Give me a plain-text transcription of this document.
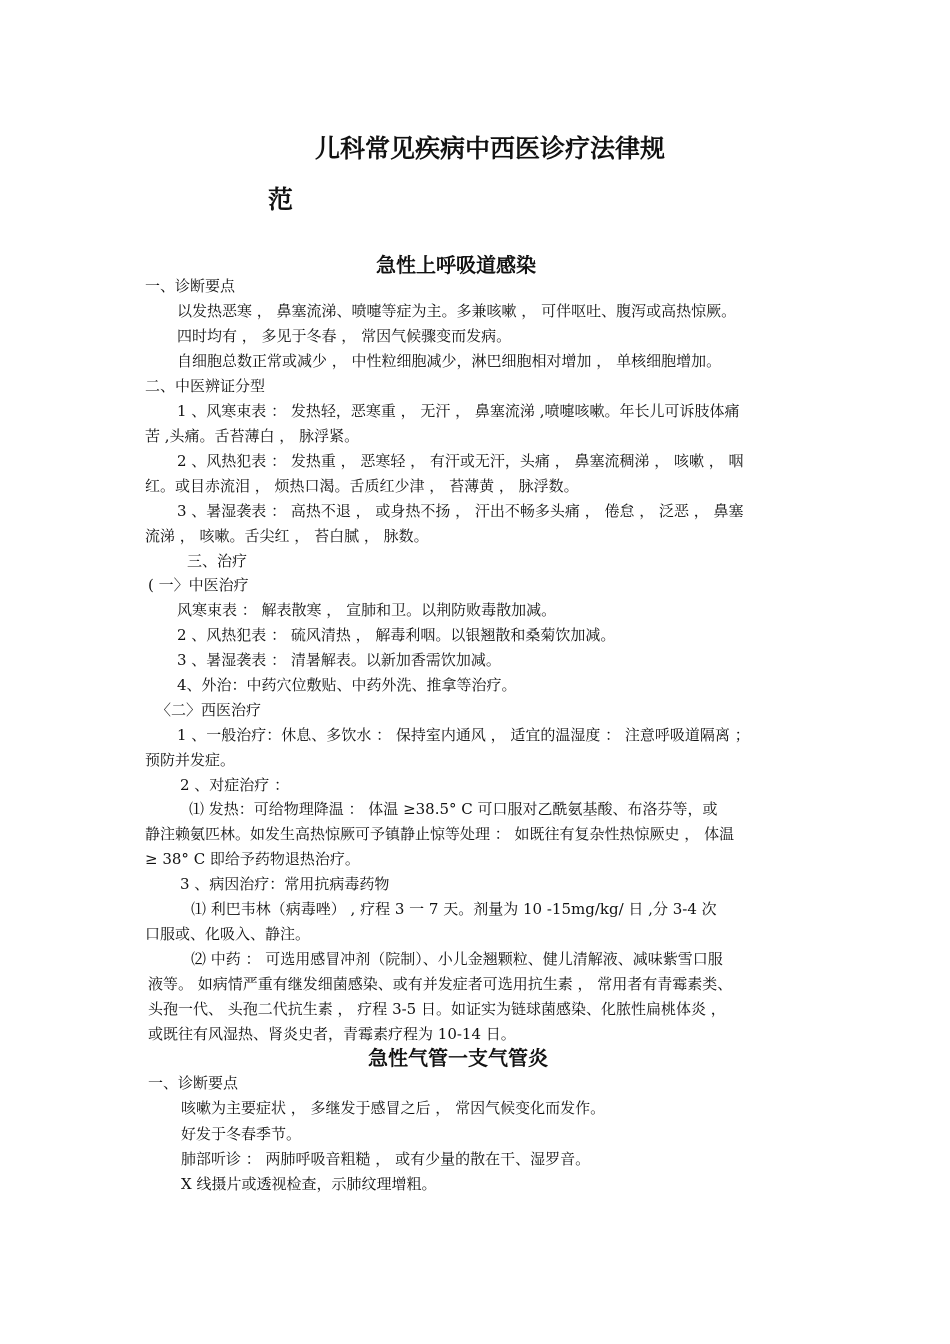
儿科常见疾病中西医诊疗法律规
范
急性上呼吸道感染
一、诊断要点
以发热恶寒 ， 鼻塞流涕、喷嚏等症为主。多兼咳嗽 ， 可伴呕吐、腹泻或高热惊厥。
四时均有 ， 多见于冬春 ， 常因气候骤变而发病。
自细胞总数正常或减少 ， 中性粒细胞减少，淋巴细胞相对增加 ， 单核细胞增加。
二、中医辨证分型
1 、风寒束表 ： 发热轻，恶寒重 ， 无汗 ， 鼻塞流涕 ,喷嚏咳嗽。年长儿可诉肢体痛
苦 ,头痛。舌苔薄白 ， 脉浮紧。
2 、风热犯表 ： 发热重 ， 恶寒轻 ， 有汗或无汗，头痛 ， 鼻塞流稠涕 ， 咳嗽 ， 咽
红。或目赤流泪 ， 烦热口渴。舌质红少津 ， 苔薄黄 ， 脉浮数。
3 、暑湿袭表 ： 高热不退 ， 或身热不扬 ， 汗出不畅多头痛 ， 倦怠 ， 泛恶 ， 鼻塞
流涕 ， 咳嗽。舌尖红 ， 苔白腻 ， 脉数。
三、治疗
( 一〉中医治疗
风寒束表 ： 解表散寒 ， 宣肺和卫。以荆防败毒散加减。
2 、风热犯表 ： 硫风清热 ， 解毒利咽。以银翘散和桑菊饮加减。
3 、暑湿袭表 ： 清暑解表。以新加香需饮加减。
4、外治：中药穴位敷贴、中药外洗、推拿等治疗。
〈二〉西医治疗
1 、一般治疗：休息、多饮水 ： 保持室内通风 ， 适宜的温湿度 ： 注意呼吸道隔离 ；
预防并发症。
2 、对症治疗 ：
⑴ 发热：可给物理降温 ： 体温 ≥38.5° C 可口服对乙酰氨基酸、布洛芬等，或
静注赖氨匹林。如发生高热惊厥可予镇静止惊等处理 ： 如既往有复杂性热惊厥史 ， 体温
≥ 38° C 即给予药物退热治疗。
3 、病因治疗：常用抗病毒药物
⑴ 利巴韦林（病毒唑） , 疗程 3 一 7 天。剂量为 10 -15mg/kg/ 日 ,分 3-4 次
口服或、化吸入、静注。
⑵ 中药 ： 可选用感冒冲剂（院制）、小儿金翘颗粒、健儿清解液、减味紫雪口服
液等。 如病情严重有继发细菌感染、或有并发症者可选用抗生素 ， 常用者有青霉素类、
头孢一代、 头孢二代抗生素 ， 疗程 3-5 日。如证实为链球菌感染、化脓性扁桃体炎 ，
或既往有风湿热、肾炎史者，青霉素疗程为 10-14 日。
急性气管一支气管炎
一、诊断要点
咳嗽为主要症状 ， 多继发于感冒之后 ， 常因气候变化而发作。
好发于冬春季节。
肺部听诊 ： 两肺呼吸音粗糙 ， 或有少量的散在干、湿罗音。
X 线摄片或透视检查，示肺纹理增粗。
